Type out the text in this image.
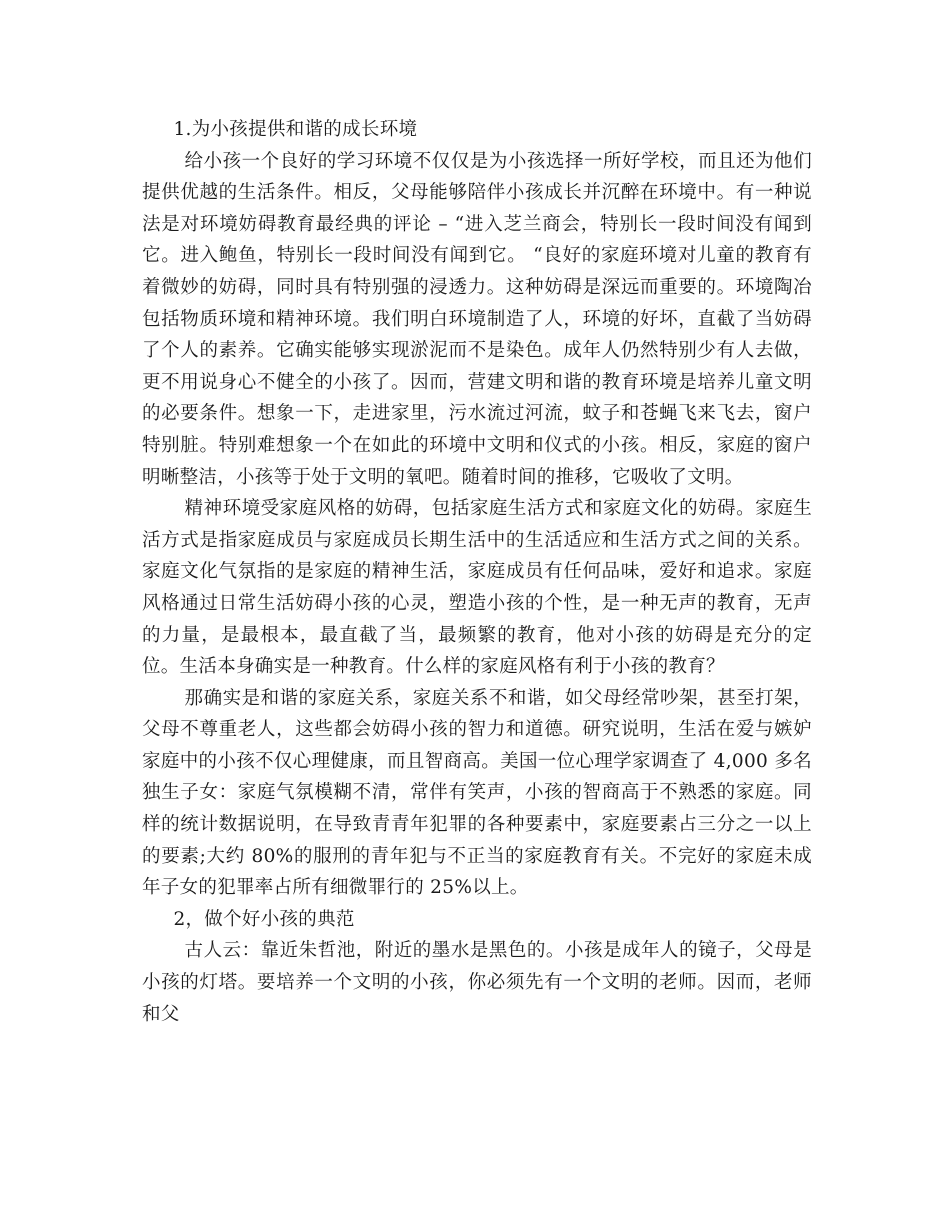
1.为小孩提供和谐的成长环境

给小孩一个良好的学习环境不仅仅是为小孩选择一所好学校，而且还为他们提供优越的生活条件。相反，父母能够陪伴小孩成长并沉醉在环境中。有一种说法是对环境妨碍教育最经典的评论 – “进入芝兰商会，特别长一段时间没有闻到它。进入鲍鱼，特别长一段时间没有闻到它。 “良好的家庭环境对儿童的教育有着微妙的妨碍，同时具有特别强的浸透力。这种妨碍是深远而重要的。环境陶冶包括物质环境和精神环境。我们明白环境制造了人，环境的好坏，直截了当妨碍了个人的素养。它确实能够实现淤泥而不是染色。成年人仍然特别少有人去做，更不用说身心不健全的小孩了。因而，营建文明和谐的教育环境是培养儿童文明的必要条件。想象一下，走进家里，污水流过河流，蚊子和苍蝇飞来飞去，窗户特别脏。特别难想象一个在如此的环境中文明和仪式的小孩。相反，家庭的窗户明晰整洁，小孩等于处于文明的氧吧。随着时间的推移，它吸收了文明。

精神环境受家庭风格的妨碍，包括家庭生活方式和家庭文化的妨碍。家庭生活方式是指家庭成员与家庭成员长期生活中的生活适应和生活方式之间的关系。家庭文化气氛指的是家庭的精神生活，家庭成员有任何品味，爱好和追求。家庭风格通过日常生活妨碍小孩的心灵，塑造小孩的个性，是一种无声的教育，无声的力量，是最根本，最直截了当，最频繁的教育，他对小孩的妨碍是充分的定位。生活本身确实是一种教育。什么样的家庭风格有利于小孩的教育？

那确实是和谐的家庭关系，家庭关系不和谐，如父母经常吵架，甚至打架，父母不尊重老人，这些都会妨碍小孩的智力和道德。研究说明，生活在爱与嫉妒家庭中的小孩不仅心理健康，而且智商高。美国一位心理学家调查了 4,000 多名独生子女：家庭气氛模糊不清，常伴有笑声，小孩的智商高于不熟悉的家庭。同样的统计数据说明，在导致青青年犯罪的各种要素中，家庭要素占三分之一以上的要素;大约 80%的服刑的青年犯与不正当的家庭教育有关。不完好的家庭未成年子女的犯罪率占所有细微罪行的 25%以上。

2，做个好小孩的典范

古人云：靠近朱哲池，附近的墨水是黑色的。小孩是成年人的镜子，父母是小孩的灯塔。要培养一个文明的小孩，你必须先有一个文明的老师。因而，老师和父
